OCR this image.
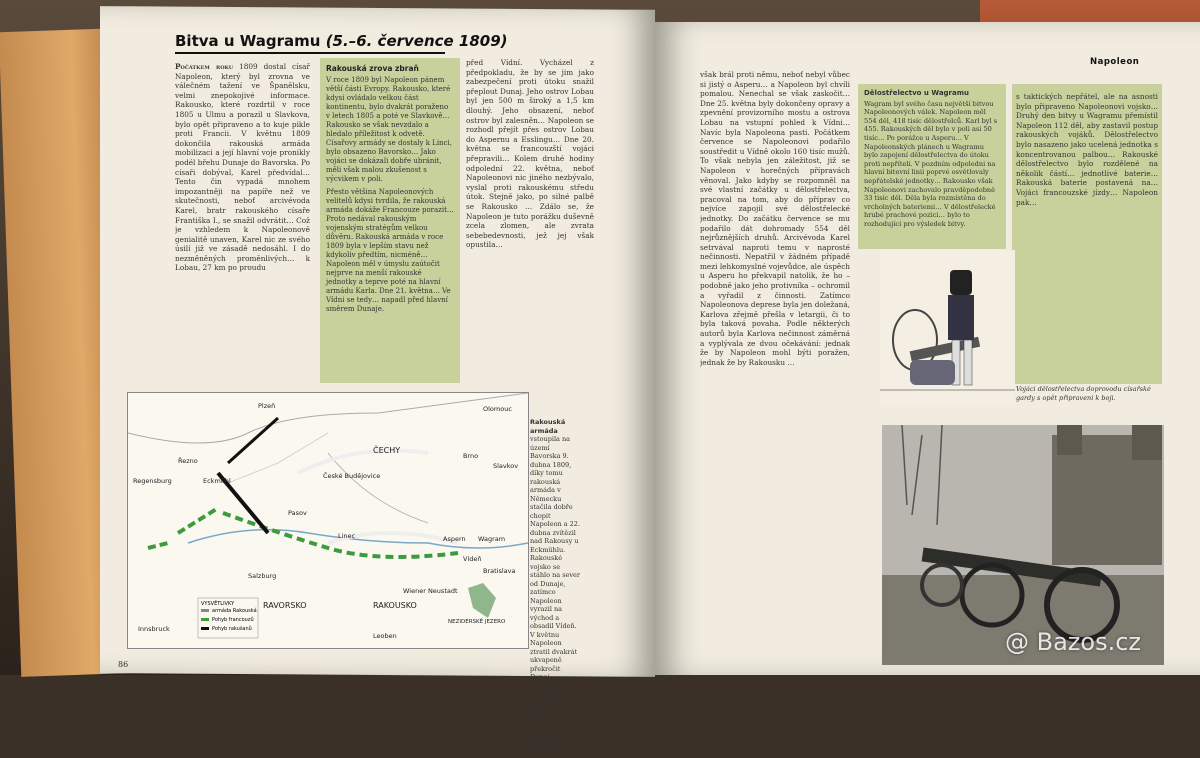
Bitva u Wagramu (5.–6. července 1809)
Počátkem roku 1809 dostal císař Napoleon, který byl zrovna ve válečném tažení ve Španělsku, velmi znepokojivé informace. Rakousko, které rozdrtil v roce 1805 u Ulmu a porazil u Slavkova, bylo opět připraveno a to kuje pikle proti Francii. V květnu 1809 dokončila rakouská armáda mobilizaci a její hlavní voje pronikly podél břehu Dunaje do Bavorska. Po císaři dobýval, Karel předvídal… Tento čin vypadá mnohem impozantněji na papíře než ve skutečnosti, neboť arcivévoda Karel, bratr rakouského císaře Františka I., se snažil odvrátit… Což je vzhledem k Napoleonově genialitě unaven, Karel nic ze svého úsilí již ve zásadě nedosáhl. I do nezměněných proměnlivých… k Lobau, 27 km po proudu
Rakouská zrova zbraň
V roce 1809 byl Napoleon pánem větší části Evropy. Rakousko, které kdysi ovládalo velkou část kontinentu, bylo dvakrát poraženo v letech 1805 a poté ve Slavkově… Rakousko se však nevzdalo a hledalo příležitost k odvetě. Císařovy armády se dostaly k Linci, bylo obsazeno Bavorsko… Jako vojáci se dokázali dobře ubránit, měli však malou zkušenost s výcvikem v poli.
Přesto většina Napoleonových velitelů kdysi tvrdila, že rakouská armáda dokáže Francouze porazit… Proto nedával rakouským vojenským stratégům velkou důvěru. Rakouská armáda v roce 1809 byla v lepším stavu než kdykoliv předtím, nicméně… Napoleon měl v úmyslu zaútočit nejprve na menší rakouské jednotky a teprve poté na hlavní armádu Karla. Dne 21. května… Ve Vídni se tedy… napadl před hlavní směrem Dunaje.
před Vídní. Vycházel z předpokladu, že by se jim jako zabezpečení proti útoku snažil přeplout Dunaj. Jeho ostrov Lobau byl jen 500 m široký a 1,5 km dlouhý. Jeho obsazení, neboť ostrov byl zalesněn… Napoleon se rozhodl přejít přes ostrov Lobau do Aspernu a Esslingu… Dne 20. května se francouzští vojáci přepravili… Kolem druhé hodiny odpolední 22. května, neboť Napoleonovi nic jiného nezbývalo, vyslal proti rakouskému středu útok. Stejně jako, po silné palbě se Rakousko … Zdálo se, že Napoleon je tuto porážku duševně zcela zlomen, ale zvrata sebebedevnosti, jež jej však opustila…
ČECHY
RAVORSKO	RAKOUSKO
Slavkov
Aspern Wagram
Eckmühl
Regensburg
Pasov
Linec
Vídeň
Brno
Plzeň
Salzburg
Innsbruck
NEZIDERSKÉ JEZERO
Olomouc
České Budějovice
Wiener Neustadt
Leoben
Řezno
Bratislava
VYSVĚTLIVKY
armáda Rakouská
Pohyb francouzů
Pohyb rakušanů
Rakouská armáda vstoupila na území Bavorska 9. dubna 1809, díky tomu rakouská armáda v Německu stačila dobře chopit Napoleon a 22. dubna zvítězil nad Rakousy u Eckmühlu. Rakouské vojsko se stáhlo na sever od Dunaje, zatímco Napoleon vyrazil na východ a obsadil Vídeň. V květnu Napoleon ztratil dvakrát ukvapeně překročit Dunaj… Arcivévoda Karel nepřidal 20. až 21. května Napoleonovi porážku u Aspernu, Napoleon se stáhl do Vídně.
86
Napoleon
však brál proti němu, neboť nebyl vůbec si jistý o Asperu… a Napoleon byl chvíli pomalou. Nenechal se však zaskočit… Dne 25. května byly dokončeny opravy a zpevnění provizorního mostu a ostrova Lobau na vstupní pohled k Vídni… Navíc byla Napoleona pasti. Počátkem července se Napoleonovi podařilo soustředit u Vídně okolo 160 tisíc mužů. To však nebyla jen záležitost, již se Napoleon v horečných přípravách věnoval. Jako kdyby se rozpomněl na své vlastní začátky u dělostřelectva, pracoval na tom, aby do příprav co nejvíce zapojil své dělostřelecké jednotky. Do začátku července se mu podařilo dát dohromady 554 děl nejrůznějších druhů. Arcivévoda Karel setrvával naproti temu v naprosté nečinnosti. Nepatřil v žádném případě mezi lehkomyslné vojevůdce, ale úspěch u Asperu ho překvapil natolik, že ho – podobně jako jeho protivníka – ochromil a vyřadil z činnosti. Zatímco Napoleonova deprese byla jen doležaná, Karlova zřejmě přešla v letargii, či to byla taková povaha. Podle některých autorů byla Karlova nečinnost záměrná a vyplývala ze dvou očekávání: jednak že by Napoleon mohl býti poražen, jednak že by Rakousku …
Dělostřelectvo u Wagramu
Wagram byl svého času největší bitvou Napoleonových válek. Napoleon měl 554 děl, 418 tisíc dělostřelců. Karl byl s 455. Rakouských děl bylo v poli asi 50 tisíc… Po porážce u Asperu… V Napoleonských plánech u Wagramu bylo zapojení dělostřelectva do útoku proti nepříteli. V pozdním odpoledni na hlavní bitevní linii poprvé osvětlovaly nepřátelské jednotky… Rakousko však Napoleonovi zachovalo pravděpodobně 33 tisíc děl. Děla byla rozmístěna do vrcholných bateriemi… V dělostřelecké hrubé prachové pozici… bylo to rozhodující pro výsledek bitvy.
s taktických nepřátel, ale na asnosti bylo připraveno Napoleonovi vojsko… Druhý den bitvy u Wagramu přemístil Napoleon 112 děl, aby zastavil postup rakouských vojáků. Dělostřelectvo bylo nasazeno jako ucelená jednotka s koncentrovanou palbou… Rakouské dělostřelectvo bylo rozdělené na několik částí… jednotlivé baterie… Rakouská baterie postavená na… Vojáci francouzské jízdy… Napoleon pak…
Vojáci dělostřelectva doprovodu císařské gardy s opět připraveni k boji.
@ Bazos.cz
